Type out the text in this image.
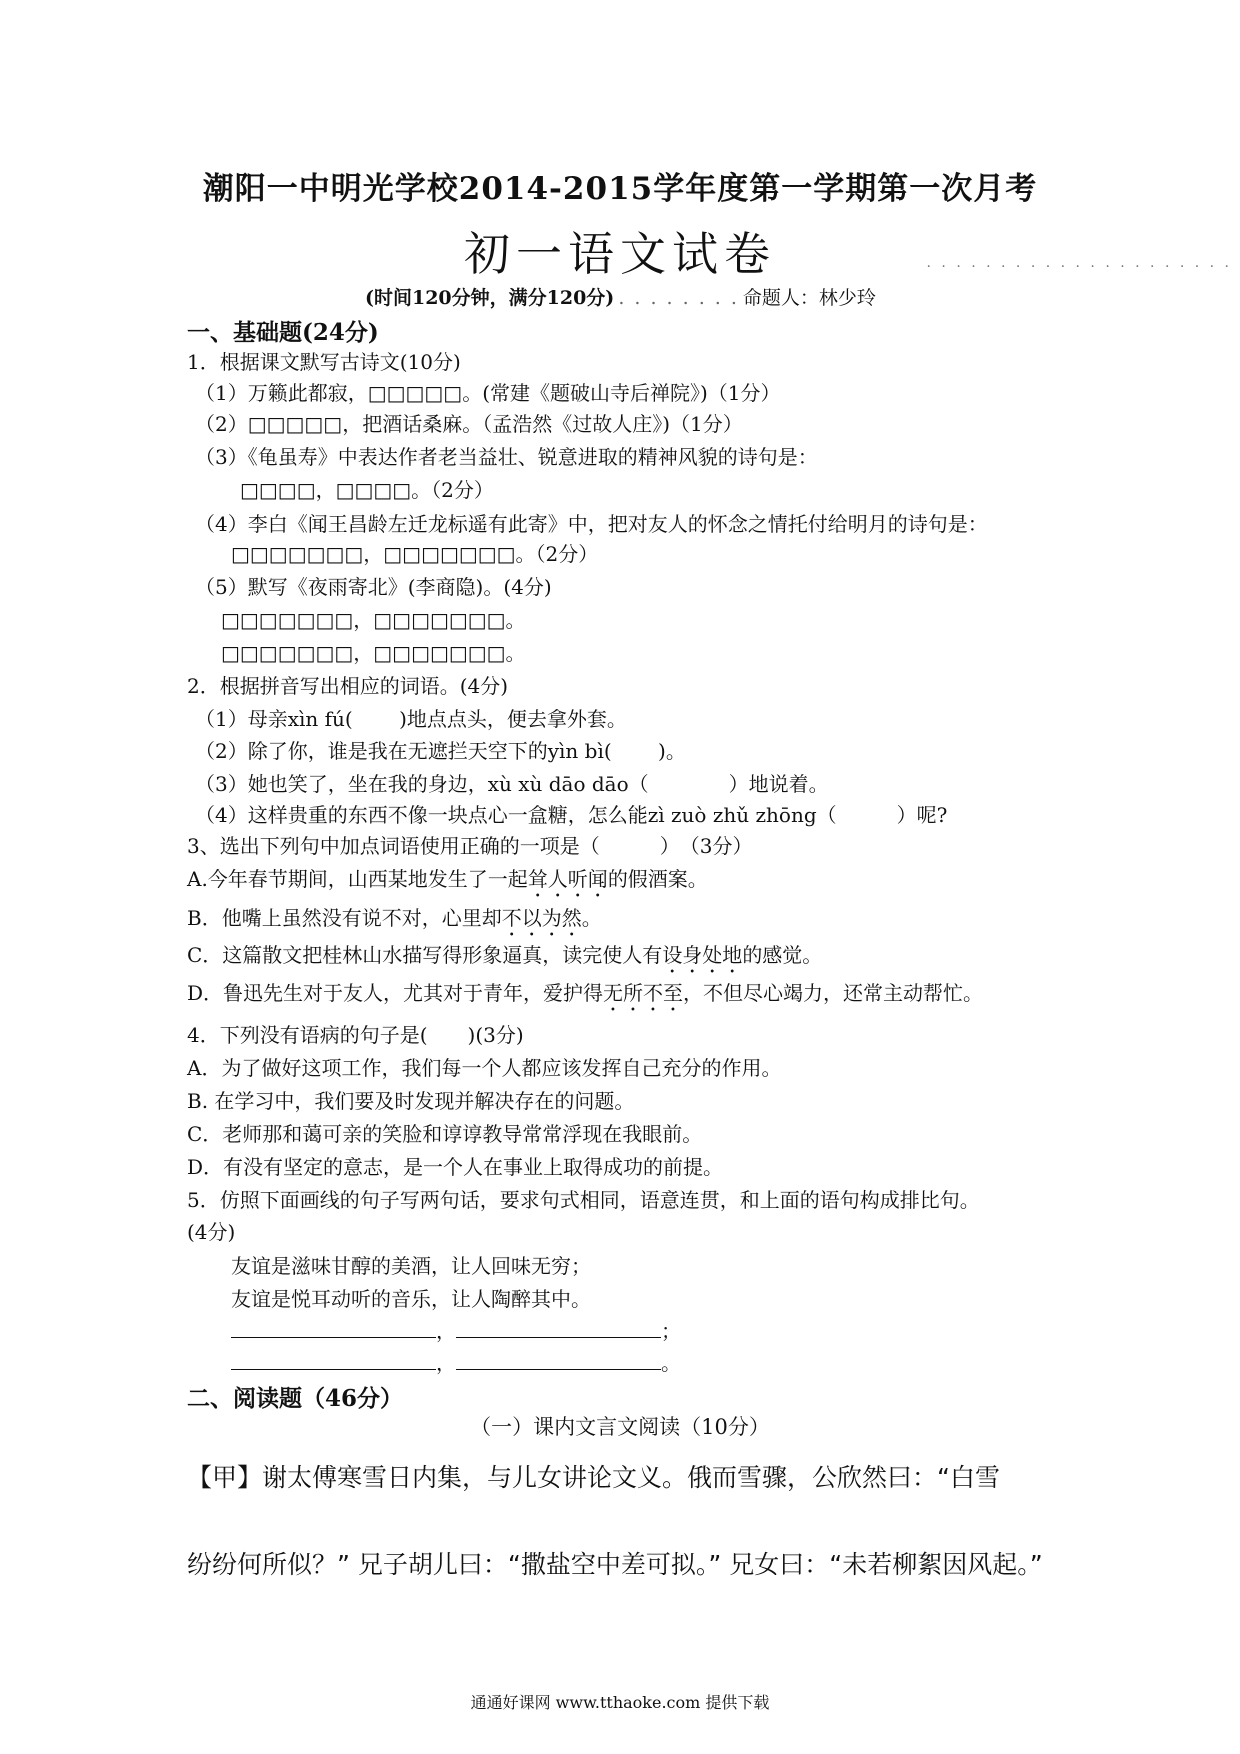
潮阳一中明光学校2014-2015学年度第一学期第一次月考
初一语文试卷	. . . . . . . . . . . . . . . . . . . . .
(时间120分钟，满分120分) . . . . . . . . 命题人：林少玲
一、基础题(24分)
1．根据课文默写古诗文(10分)
（1）万籁此都寂，□□□□□。(常建《题破山寺后禅院》)（1分）
（2）□□□□□，把酒话桑麻。（孟浩然《过故人庄》)（1分）
（3）《龟虽寿》中表达作者老当益壮、锐意进取的精神风貌的诗句是：
□□□□，□□□□。（2分）
（4）李白《闻王昌龄左迁龙标遥有此寄》中，把对友人的怀念之情托付给明月的诗句是：
□□□□□□□，□□□□□□□。（2分）
（5）默写《夜雨寄北》(李商隐)。(4分)
□□□□□□□，□□□□□□□。
□□□□□□□，□□□□□□□。
2．根据拼音写出相应的词语。(4分)
（1）母亲xìn fú(　　 )地点点头，便去拿外套。
（2）除了你，谁是我在无遮拦天空下的yìn bì(　　 )。
（3）她也笑了，坐在我的身边，xù xù dāo dāo（　　　　）地说着。
（4）这样贵重的东西不像一块点心一盒糖，怎么能zì zuò zhǔ zhōng（　　　）呢?
3、选出下列句中加点词语使用正确的一项是（　　　）　（3分）
A.今年春节期间，山西某地发生了一起耸人听闻的假酒案。
B．他嘴上虽然没有说不对，心里却不以为然。
C．这篇散文把桂林山水描写得形象逼真，读完使人有设身处地的感觉。
D．鲁迅先生对于友人，尤其对于青年，爱护得无所不至，不但尽心竭力，还常主动帮忙。
4．下列没有语病的句子是(　　)(3分)
A．为了做好这项工作，我们每一个人都应该发挥自己充分的作用。
B. 在学习中，我们要及时发现并解决存在的问题。
C．老师那和蔼可亲的笑脸和谆谆教导常常浮现在我眼前。
D．有没有坚定的意志，是一个人在事业上取得成功的前提。
5．仿照下面画线的句子写两句话，要求句式相同，语意连贯，和上面的语句构成排比句。
(4分)
友谊是滋味甘醇的美酒，让人回味无穷；
友谊是悦耳动听的音乐，让人陶醉其中。
，	；
，	。
二、阅读题（46分）
（一）课内文言文阅读（10分）
【甲】谢太傅寒雪日内集，与儿女讲论文义。俄而雪骤，公欣然曰：“白雪
纷纷何所似？” 兄子胡儿曰：“撒盐空中差可拟。” 兄女曰：“未若柳絮因风起。”
通通好课网 www.tthaoke.com 提供下载
